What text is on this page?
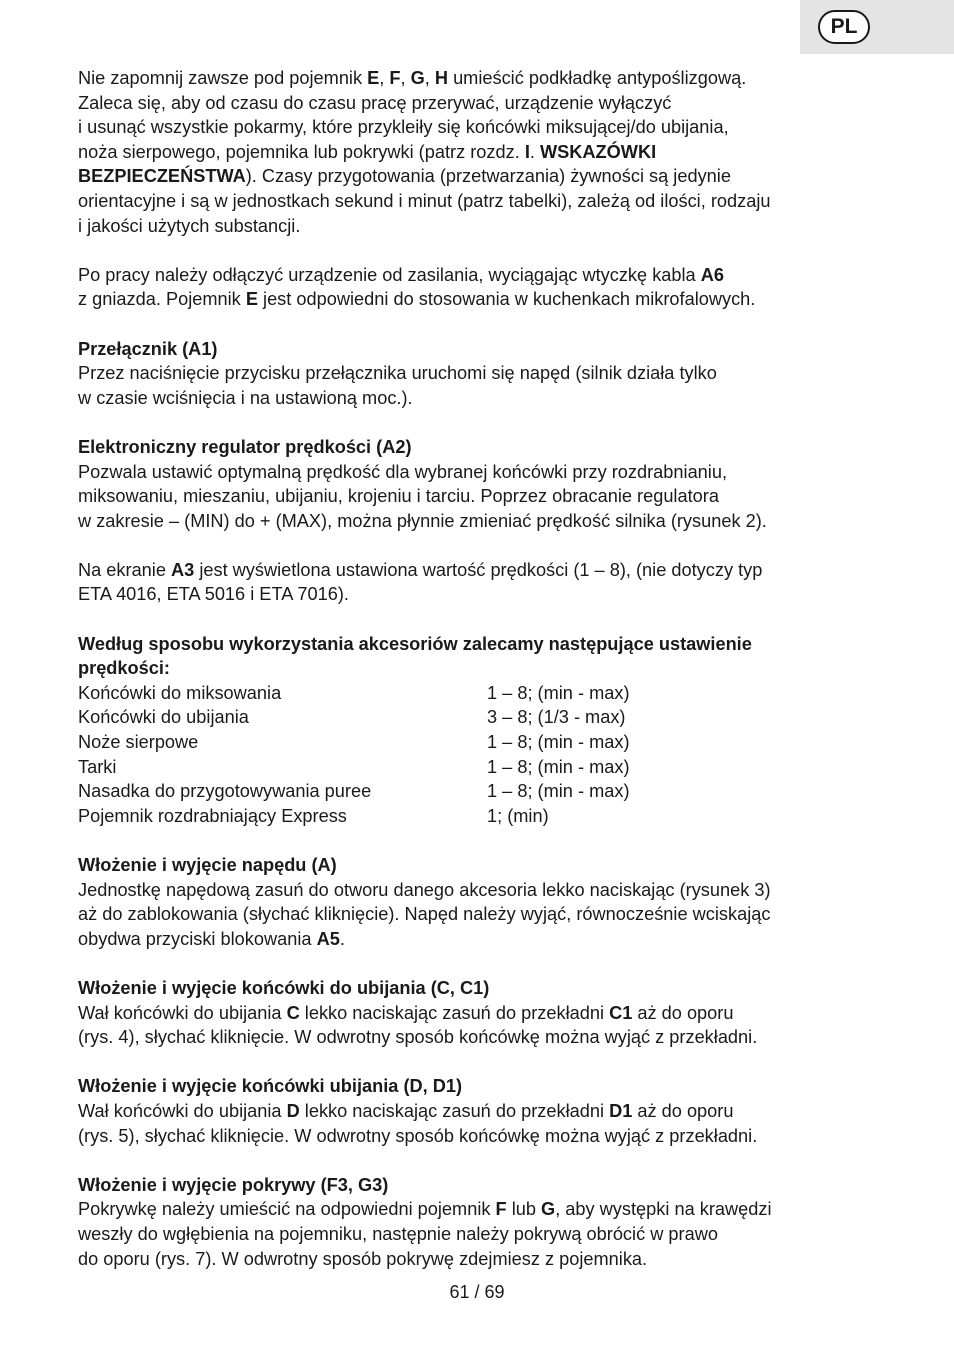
PL

Nie zapomnij zawsze pod pojemnik E, F, G, H umieścić podkładkę antypoślizgową.
Zaleca się, aby od czasu do czasu pracę przerywać, urządzenie wyłączyć
i usunąć wszystkie pokarmy, które przykleiły się końcówki miksującej/do ubijania,
noża sierpowego, pojemnika lub pokrywki (patrz rozdz. I. WSKAZÓWKI
BEZPIECZEŃSTWA). Czasy przygotowania (przetwarzania) żywności są jedynie
orientacyjne i są w jednostkach sekund i minut (patrz tabelki), zależą od ilości, rodzaju
i jakości użytych substancji.

Po pracy należy odłączyć urządzenie od zasilania, wyciągając wtyczkę kabla A6
z gniazda. Pojemnik E jest odpowiedni do stosowania w kuchenkach mikrofalowych.

Przełącznik (A1)
Przez naciśnięcie przycisku przełącznika uruchomi się napęd (silnik działa tylko
w czasie wciśnięcia i na ustawioną moc.).

Elektroniczny regulator prędkości (A2)
Pozwala ustawić optymalną prędkość dla wybranej końcówki przy rozdrabnianiu,
miksowaniu, mieszaniu, ubijaniu, krojeniu i tarciu. Poprzez obracanie regulatora
w zakresie – (MIN) do + (MAX), można płynnie zmieniać prędkość silnika (rysunek 2).

Na ekranie A3 jest wyświetlona ustawiona wartość prędkości (1 – 8), (nie dotyczy typ
ETA 4016, ETA 5016 i ETA 7016).

Według sposobu wykorzystania akcesoriów zalecamy następujące ustawienie
prędkości:
Końcówki do miksowania	1 – 8; (min - max)
Końcówki do ubijania	3 – 8; (1/3 - max)
Noże sierpowe	1 – 8; (min - max)
Tarki	1 – 8; (min - max)
Nasadka do przygotowywania puree	1 – 8; (min - max)
Pojemnik rozdrabniający Express	1; (min)

Włożenie i wyjęcie napędu (A)
Jednostkę napędową zasuń do otworu danego akcesoria lekko naciskając (rysunek 3)
aż do zablokowania (słychać kliknięcie). Napęd należy wyjąć, równocześnie wciskając
obydwa przyciski blokowania A5.

Włożenie i wyjęcie końcówki do ubijania (C, C1)
Wał końcówki do ubijania C lekko naciskając zasuń do przekładni C1 aż do oporu
(rys. 4), słychać kliknięcie. W odwrotny sposób końcówkę można wyjąć z przekładni.

Włożenie i wyjęcie końcówki ubijania (D, D1)
Wał końcówki do ubijania D lekko naciskając zasuń do przekładni D1 aż do oporu
(rys. 5), słychać kliknięcie. W odwrotny sposób końcówkę można wyjąć z przekładni.

Włożenie i wyjęcie pokrywy (F3, G3)
Pokrywkę należy umieścić na odpowiedni pojemnik F lub G, aby występki na krawędzi
weszły do wgłębienia na pojemniku, następnie należy pokrywą obrócić w prawo
do oporu (rys. 7). W odwrotny sposób pokrywę zdejmiesz z pojemnika.

61 / 69
